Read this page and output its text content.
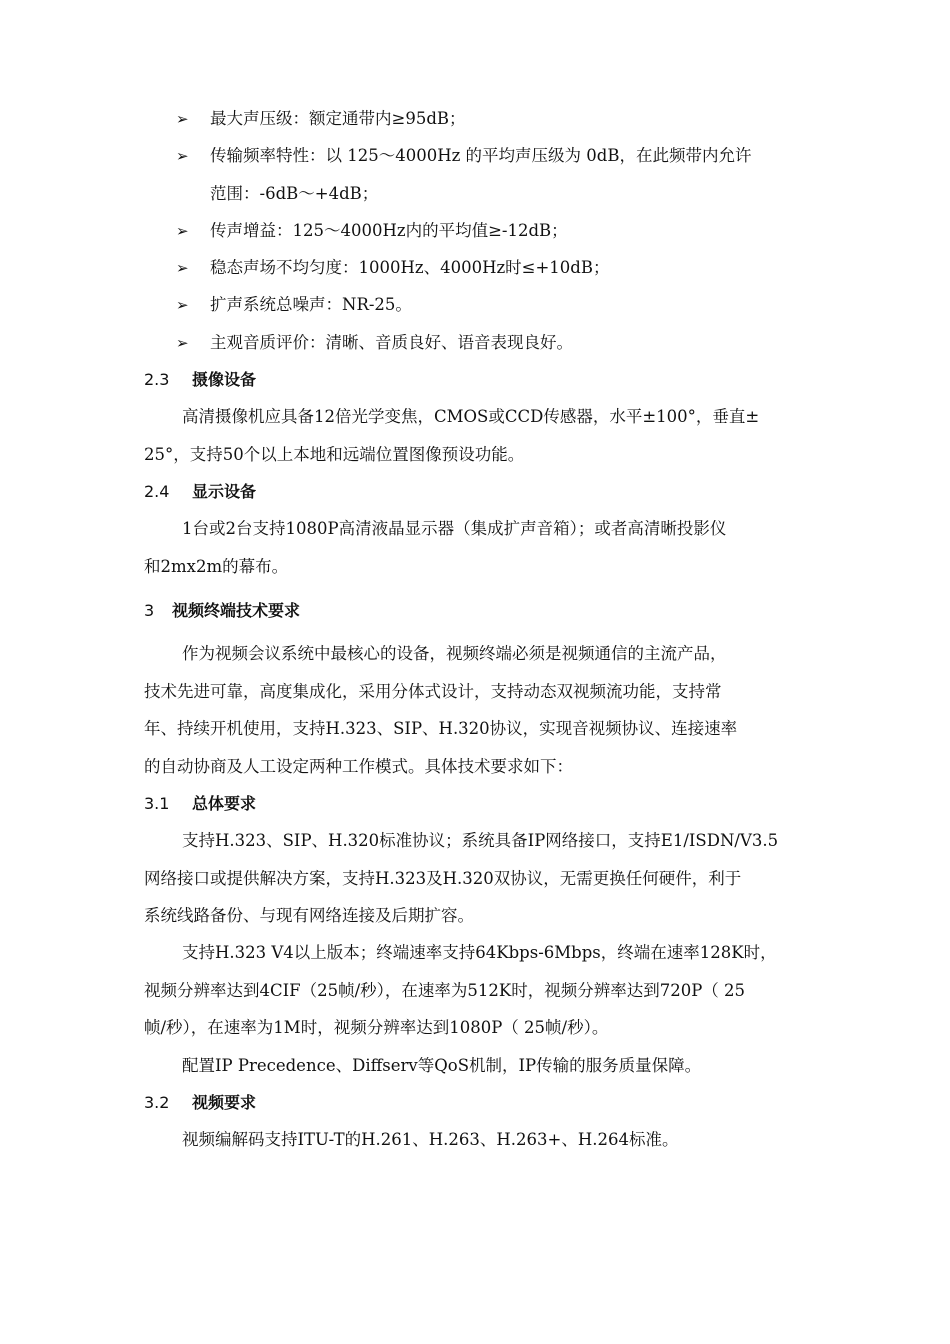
➢ 最大声压级：额定通带内≥95dB；
➢ 传输频率特性：以 125～4000Hz 的平均声压级为 0dB，在此频带内允许
范围：-6dB～+4dB；
➢ 传声增益：125～4000Hz内的平均值≥-12dB；
➢ 稳态声场不均匀度：1000Hz、4000Hz时≤+10dB；
➢ 扩声系统总噪声：NR-25。
➢ 主观音质评价：清晰、音质良好、语音表现良好。
2.3 摄像设备
高清摄像机应具备12倍光学变焦，CMOS或CCD传感器，水平±100°，垂直±
25°，支持50个以上本地和远端位置图像预设功能。
2.4 显示设备
1台或2台支持1080P高清液晶显示器（集成扩声音箱）；或者高清晰投影仪
和2mx2m的幕布。
3 视频终端技术要求
作为视频会议系统中最核心的设备，视频终端必须是视频通信的主流产品，
技术先进可靠，高度集成化，采用分体式设计，支持动态双视频流功能，支持常
年、持续开机使用，支持H.323、SIP、H.320协议，实现音视频协议、连接速率
的自动协商及人工设定两种工作模式。具体技术要求如下：
3.1 总体要求
支持H.323、SIP、H.320标准协议；系统具备IP网络接口，支持E1/ISDN/V3.5
网络接口或提供解决方案，支持H.323及H.320双协议，无需更换任何硬件，利于
系统线路备份、与现有网络连接及后期扩容。
支持H.323 V4以上版本；终端速率支持64Kbps-6Mbps，终端在速率128K时，
视频分辨率达到4CIF（25帧/秒），在速率为512K时，视频分辨率达到720P（ 25
帧/秒），在速率为1M时，视频分辨率达到1080P（ 25帧/秒）。
配置IP Precedence、Diffserv等QoS机制，IP传输的服务质量保障。
3.2 视频要求
视频编解码支持ITU-T的H.261、H.263、H.263+、H.264标准。
